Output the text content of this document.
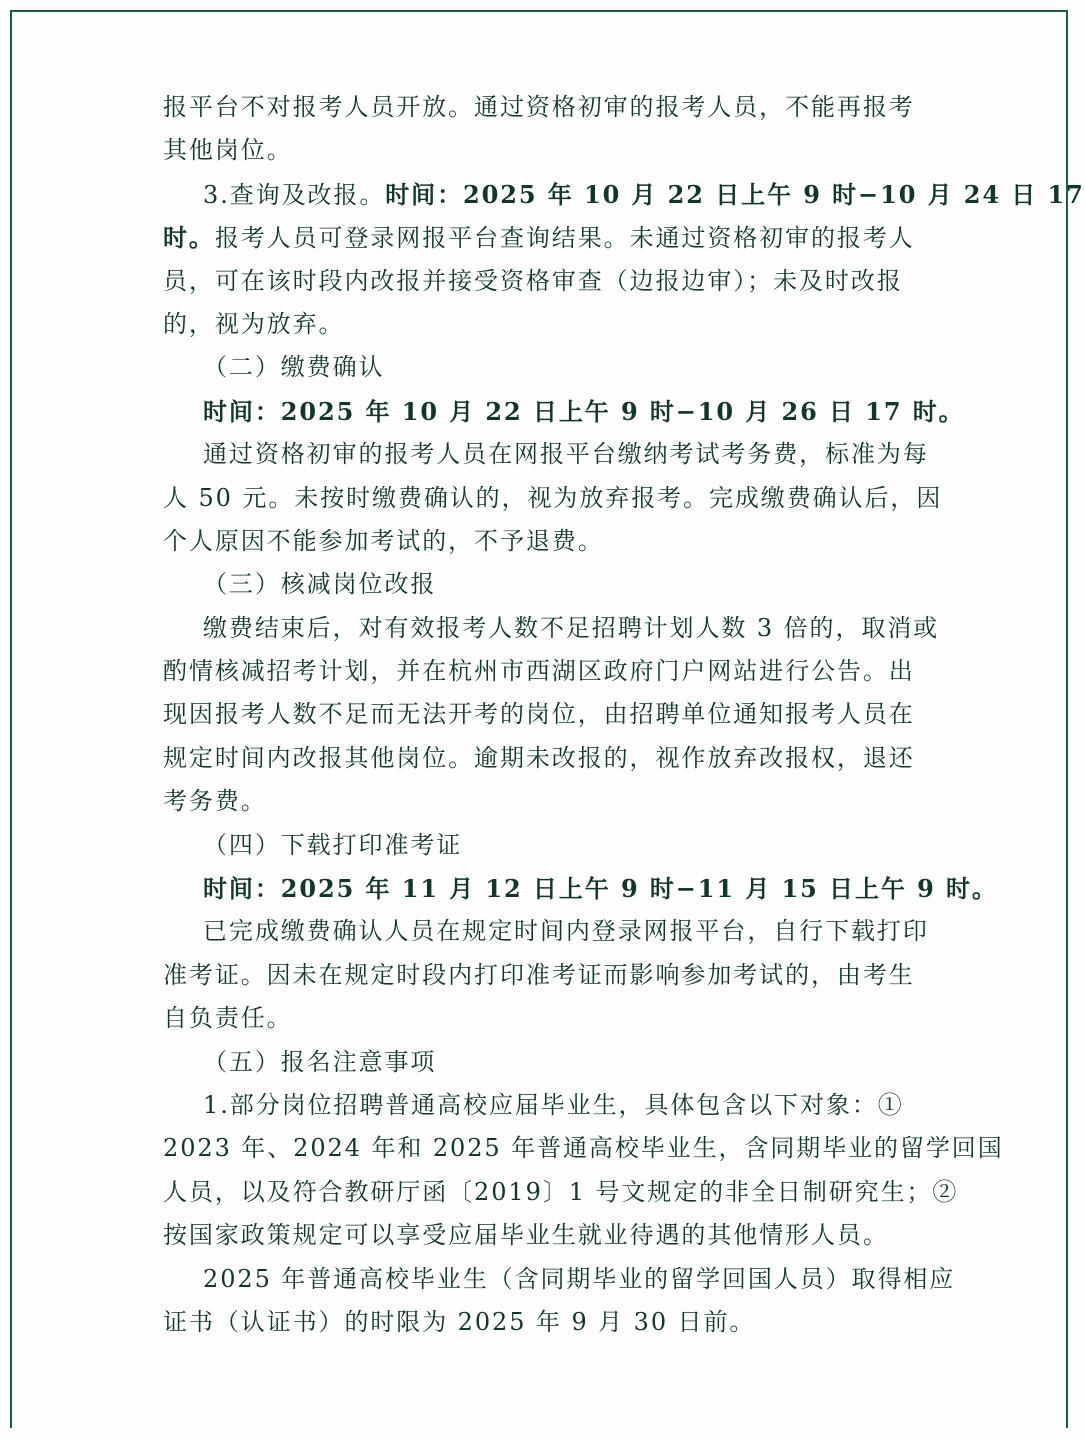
报平台不对报考人员开放。通过资格初审的报考人员，不能再报考
其他岗位。
3.查询及改报。时间：2025 年 10 月 22 日上午 9 时−10 月 24 日 17
时。报考人员可登录网报平台查询结果。未通过资格初审的报考人
员，可在该时段内改报并接受资格审查（边报边审）；未及时改报
的，视为放弃。
（二）缴费确认
时间：2025 年 10 月 22 日上午 9 时−10 月 26 日 17 时。
通过资格初审的报考人员在网报平台缴纳考试考务费，标准为每
人 50 元。未按时缴费确认的，视为放弃报考。完成缴费确认后，因
个人原因不能参加考试的，不予退费。
（三）核减岗位改报
缴费结束后，对有效报考人数不足招聘计划人数 3 倍的，取消或
酌情核减招考计划，并在杭州市西湖区政府门户网站进行公告。出
现因报考人数不足而无法开考的岗位，由招聘单位通知报考人员在
规定时间内改报其他岗位。逾期未改报的，视作放弃改报权，退还
考务费。
（四）下载打印准考证
时间：2025 年 11 月 12 日上午 9 时−11 月 15 日上午 9 时。
已完成缴费确认人员在规定时间内登录网报平台，自行下载打印
准考证。因未在规定时段内打印准考证而影响参加考试的，由考生
自负责任。
（五）报名注意事项
1.部分岗位招聘普通高校应届毕业生，具体包含以下对象：①
2023 年、2024 年和 2025 年普通高校毕业生，含同期毕业的留学回国
人员，以及符合教研厅函〔2019〕1 号文规定的非全日制研究生；②
按国家政策规定可以享受应届毕业生就业待遇的其他情形人员。
2025 年普通高校毕业生（含同期毕业的留学回国人员）取得相应
证书（认证书）的时限为 2025 年 9 月 30 日前。
